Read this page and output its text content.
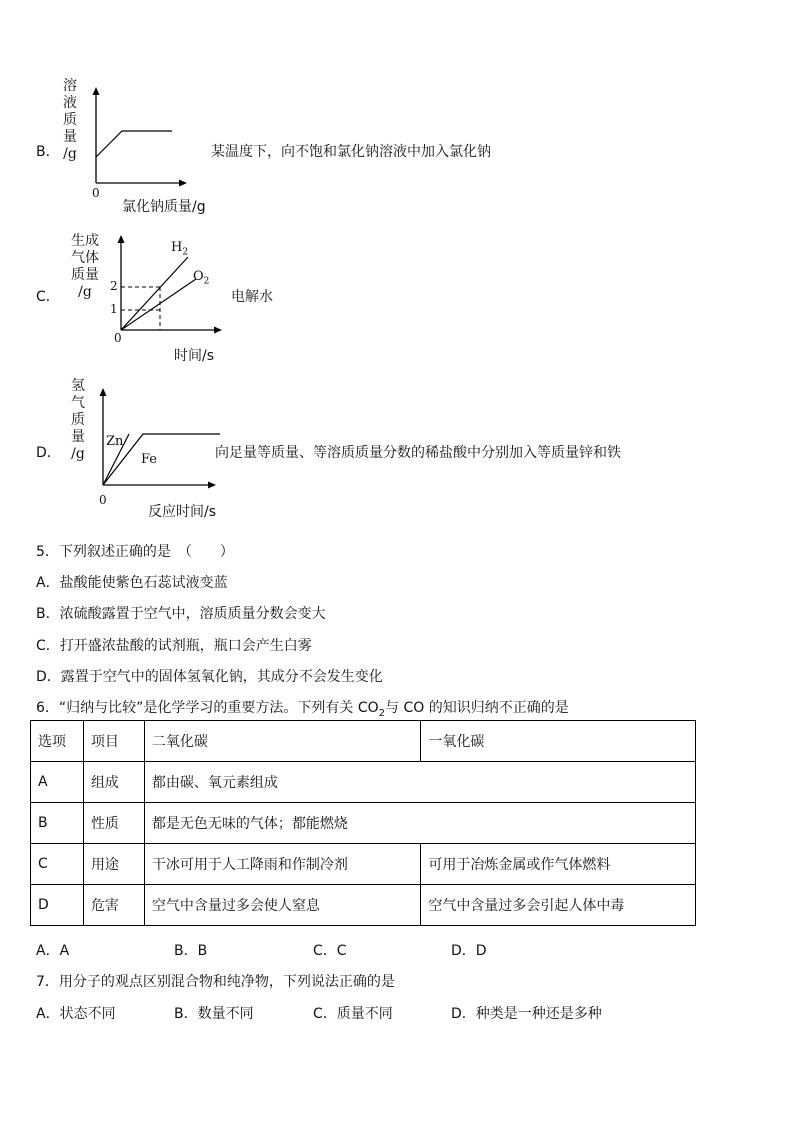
B．
溶
液
质
量
/g
0
氯化钠质量/g
某温度下，向不饱和氯化钠溶液中加入氯化钠
C．
生成
气体
质量
/g	2
1
0
$H_2$
$O_2$
时间/s
电解水
D．
氢
气
质
量
/g
Zn
Fe
0
反应时间/s
向足量等质量、等溶质质量分数的稀盐酸中分别加入等质量锌和铁
5．下列叙述正确的是　（　　）
A．盐酸能使紫色石蕊试液变蓝
B．浓硫酸露置于空气中，溶质质量分数会变大
C．打开盛浓盐酸的试剂瓶，瓶口会产生白雾
D．露置于空气中的固体氢氧化钠，其成分不会发生变化
6．“归纳与比较”是化学学习的重要方法。下列有关 $CO_2$与 CO 的知识归纳不正确的是
选项	项目	二氧化碳	一氧化碳
A	组成	都由碳、氧元素组成	
B	性质	都是无色无味的气体；都能燃烧	
C	用途	干冰可用于人工降雨和作制冷剂	可用于冶炼金属或作气体燃料
D	危害	空气中含量过多会使人窒息	空气中含量过多会引起人体中毒
A．A	B．B	C．C	D．D
7．用分子的观点区别混合物和纯净物，下列说法正确的是
A．状态不同	B．数量不同	C．质量不同	D．种类是一种还是多种
